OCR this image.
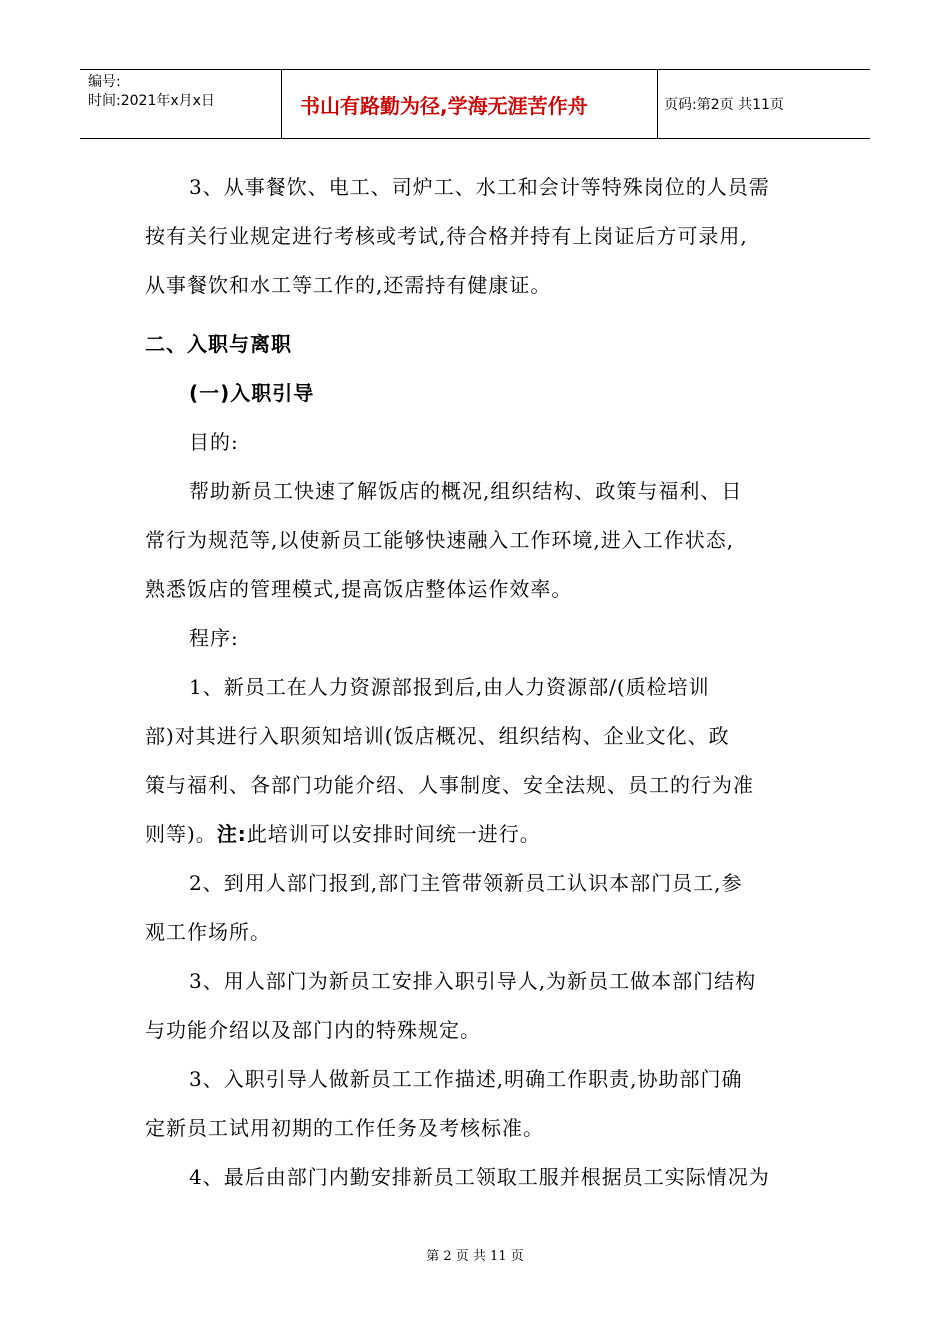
编号:
时间:2021年x月x日	书山有路勤为径,学海无涯苦作舟	页码:第2页 共11页
3、从事餐饮、电工、司炉工、水工和会计等特殊岗位的人员需
按有关行业规定进行考核或考试,待合格并持有上岗证后方可录用,
从事餐饮和水工等工作的,还需持有健康证。
二、入职与离职
(一)入职引导
目的:
帮助新员工快速了解饭店的概况,组织结构、政策与福利、日
常行为规范等,以使新员工能够快速融入工作环境,进入工作状态,
熟悉饭店的管理模式,提高饭店整体运作效率。
程序:
1、新员工在人力资源部报到后,由人力资源部/(质检培训
部)对其进行入职须知培训(饭店概况、组织结构、企业文化、政
策与福利、各部门功能介绍、人事制度、安全法规、员工的行为准
则等)。注:此培训可以安排时间统一进行。
2、到用人部门报到,部门主管带领新员工认识本部门员工,参
观工作场所。
3、用人部门为新员工安排入职引导人,为新员工做本部门结构
与功能介绍以及部门内的特殊规定。
3、入职引导人做新员工工作描述,明确工作职责,协助部门确
定新员工试用初期的工作任务及考核标准。
4、最后由部门内勤安排新员工领取工服并根据员工实际情况为
第 2 页 共 11 页
